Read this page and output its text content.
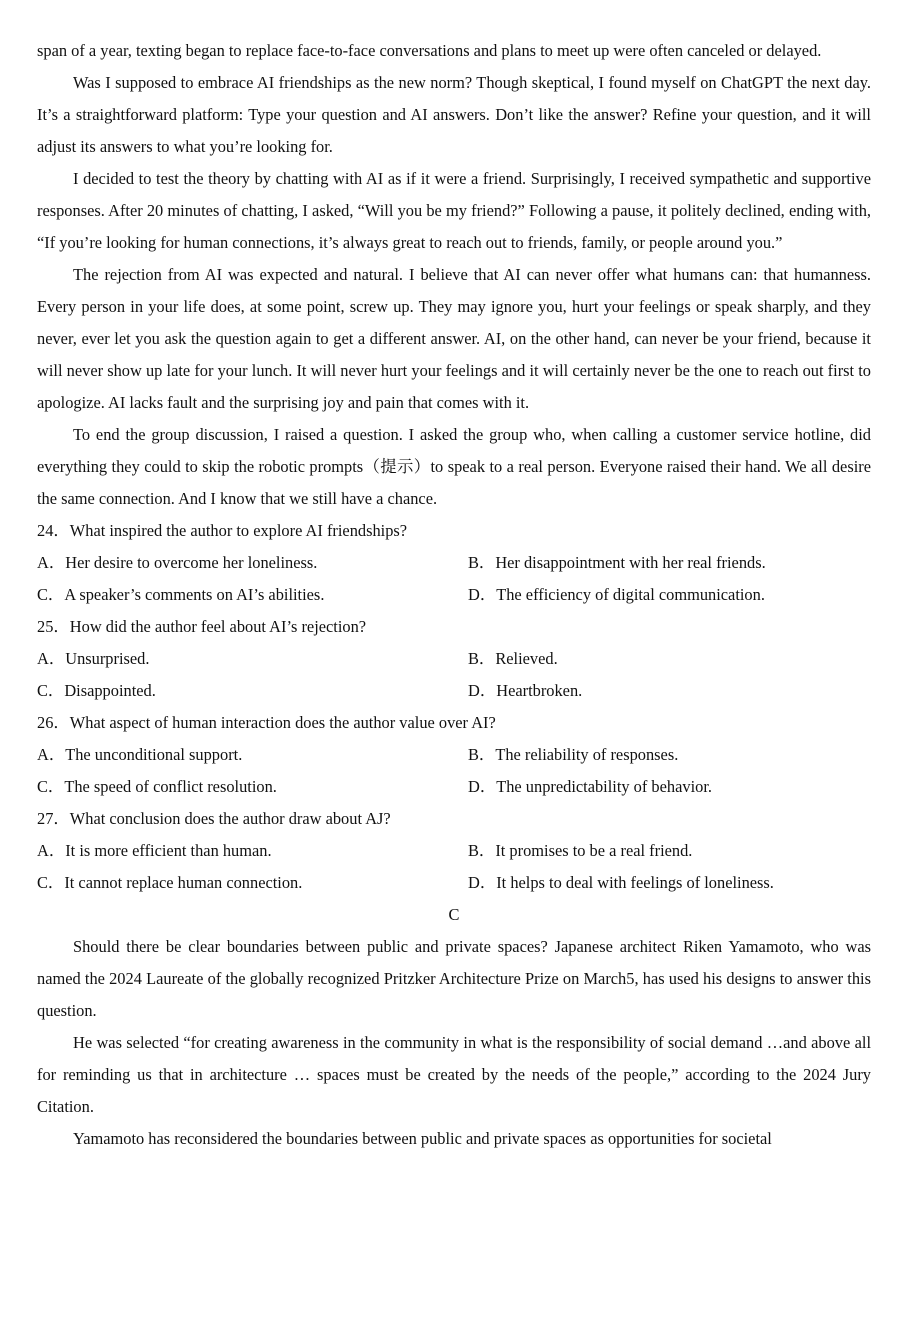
span of a year, texting began to replace face-to-face conversations and plans to meet up were often canceled or delayed.

Was I supposed to embrace AI friendships as the new norm? Though skeptical, I found myself on ChatGPT the next day. It’s a straightforward platform: Type your question and AI answers. Don’t like the answer? Refine your question, and it will adjust its answers to what you’re looking for.

I decided to test the theory by chatting with AI as if it were a friend. Surprisingly, I received sympathetic and supportive responses. After 20 minutes of chatting, I asked, “Will you be my friend?” Following a pause, it politely declined, ending with, “If you’re looking for human connections, it’s always great to reach out to friends, family, or people around you.”

The rejection from AI was expected and natural. I believe that AI can never offer what humans can: that humanness. Every person in your life does, at some point, screw up. They may ignore you, hurt your feelings or speak sharply, and they never, ever let you ask the question again to get a different answer. AI, on the other hand, can never be your friend, because it will never show up late for your lunch. It will never hurt your feelings and it will certainly never be the one to reach out first to apologize. AI lacks fault and the surprising joy and pain that comes with it.

To end the group discussion, I raised a question. I asked the group who, when calling a customer service hotline, did everything they could to skip the robotic prompts（提示）to speak to a real person. Everyone raised their hand. We all desire the same connection. And I know that we still have a chance.

24．What inspired the author to explore AI friendships?

A．Her desire to overcome her loneliness.	B．Her disappointment with her real friends.
C．A speaker’s comments on AI’s abilities.	D．The efficiency of digital communication.

25．How did the author feel about AI’s rejection?

A．Unsurprised.	B．Relieved.
C．Disappointed.	D．Heartbroken.

26．What aspect of human interaction does the author value over AI?

A．The unconditional support.	B．The reliability of responses.
C．The speed of conflict resolution.	D．The unpredictability of behavior.

27．What conclusion does the author draw about AJ?

A．It is more efficient than human.	B．It promises to be a real friend.
C．It cannot replace human connection.	D．It helps to deal with feelings of loneliness.

C

Should there be clear boundaries between public and private spaces? Japanese architect Riken Yamamoto, who was named the 2024 Laureate of the globally recognized Pritzker Architecture Prize on March5, has used his designs to answer this question.

He was selected “for creating awareness in the community in what is the responsibility of social demand …and above all for reminding us that in architecture … spaces must be created by the needs of the people,” according to the 2024 Jury Citation.

Yamamoto has reconsidered the boundaries between public and private spaces as opportunities for societal
